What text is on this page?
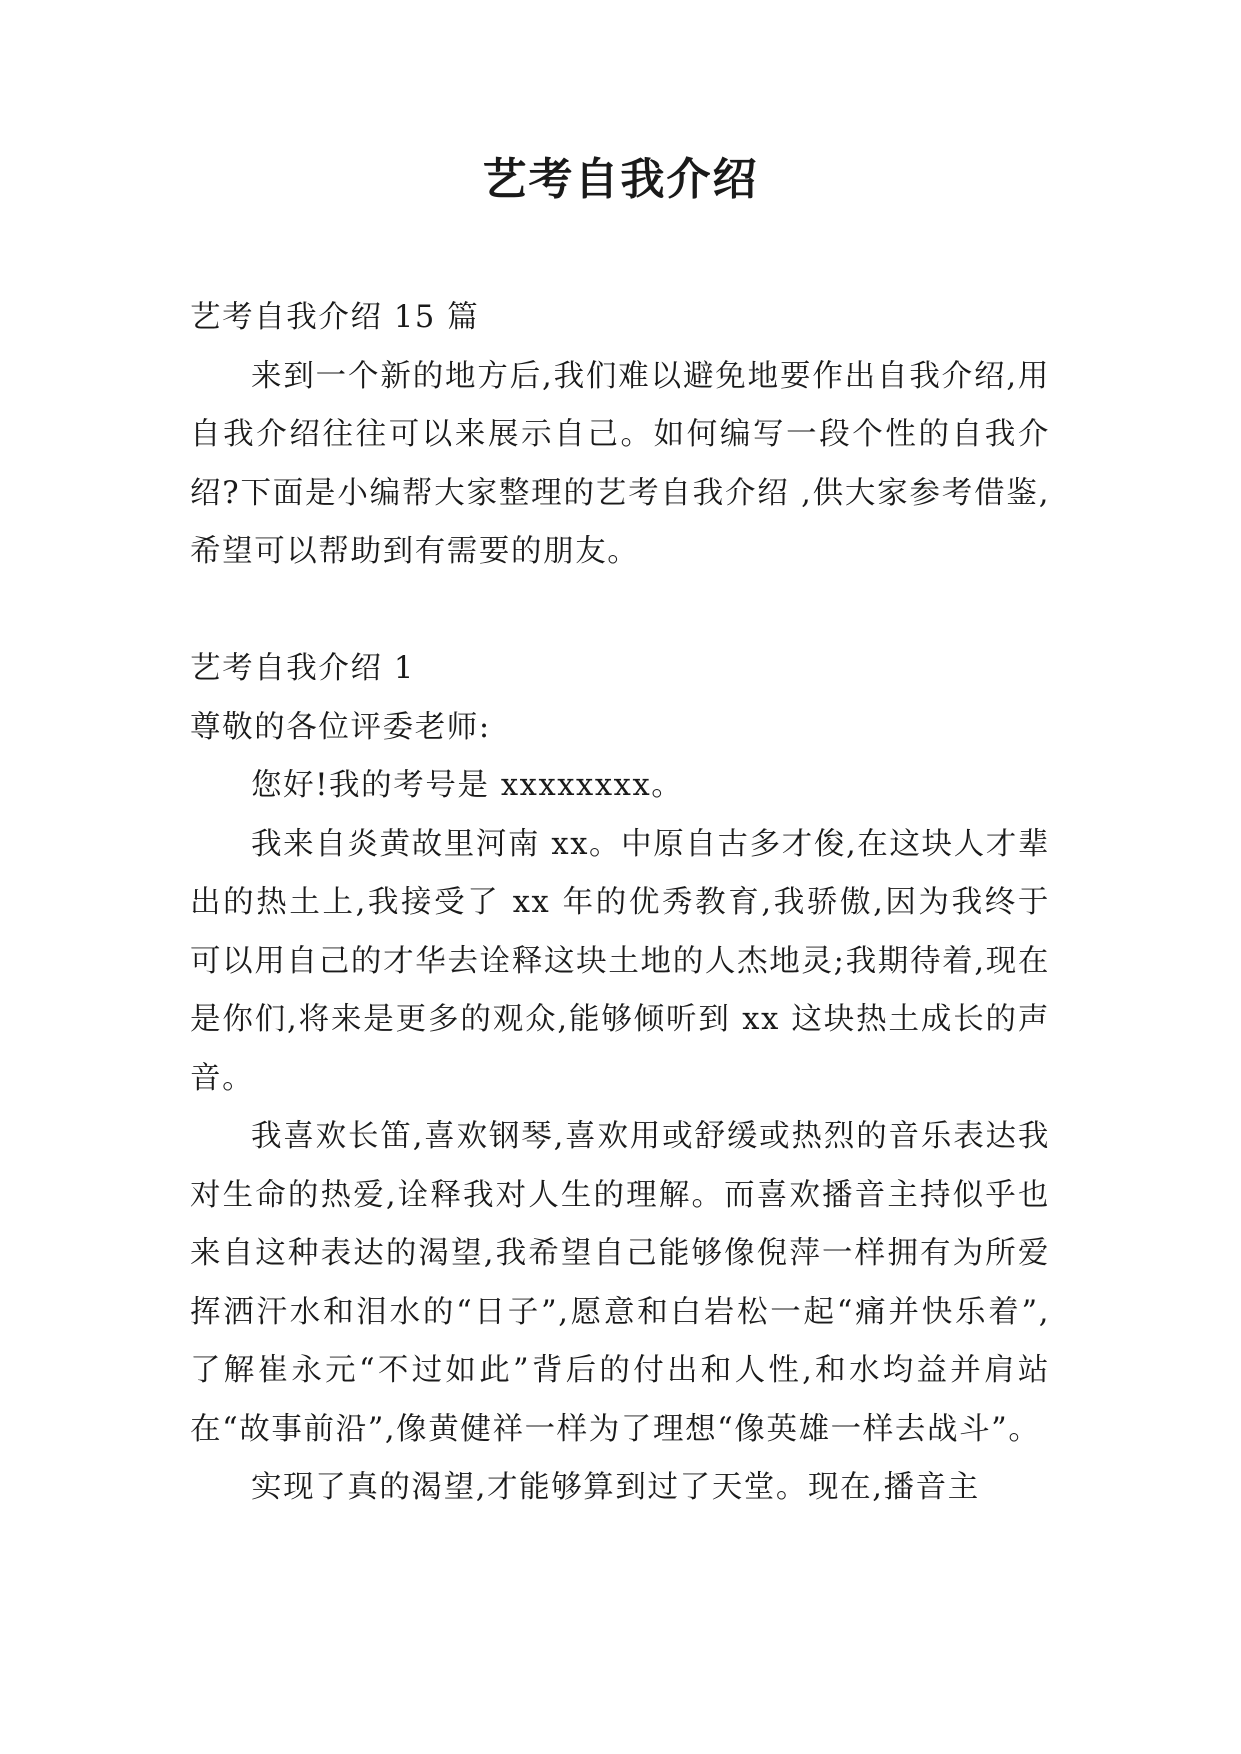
艺考自我介绍

艺考自我介绍 15 篇

来到一个新的地方后,我们难以避免地要作出自我介绍,用自我介绍往往可以来展示自己。如何编写一段个性的自我介绍?下面是小编帮大家整理的艺考自我介绍 ,供大家参考借鉴,希望可以帮助到有需要的朋友。

艺考自我介绍 1

尊敬的各位评委老师:

您好!我的考号是 xxxxxxxx。

我来自炎黄故里河南 xx。中原自古多才俊,在这块人才辈出的热土上,我接受了 xx 年的优秀教育,我骄傲,因为我终于可以用自己的才华去诠释这块土地的人杰地灵;我期待着,现在是你们,将来是更多的观众,能够倾听到 xx 这块热土成长的声音。

我喜欢长笛,喜欢钢琴,喜欢用或舒缓或热烈的音乐表达我对生命的热爱,诠释我对人生的理解。而喜欢播音主持似乎也来自这种表达的渴望,我希望自己能够像倪萍一样拥有为所爱挥洒汗水和泪水的“日子”,愿意和白岩松一起“痛并快乐着”,了解崔永元“不过如此”背后的付出和人性,和水均益并肩站在“故事前沿”,像黄健祥一样为了理想“像英雄一样去战斗”。

实现了真的渴望,才能够算到过了天堂。现在,播音主
